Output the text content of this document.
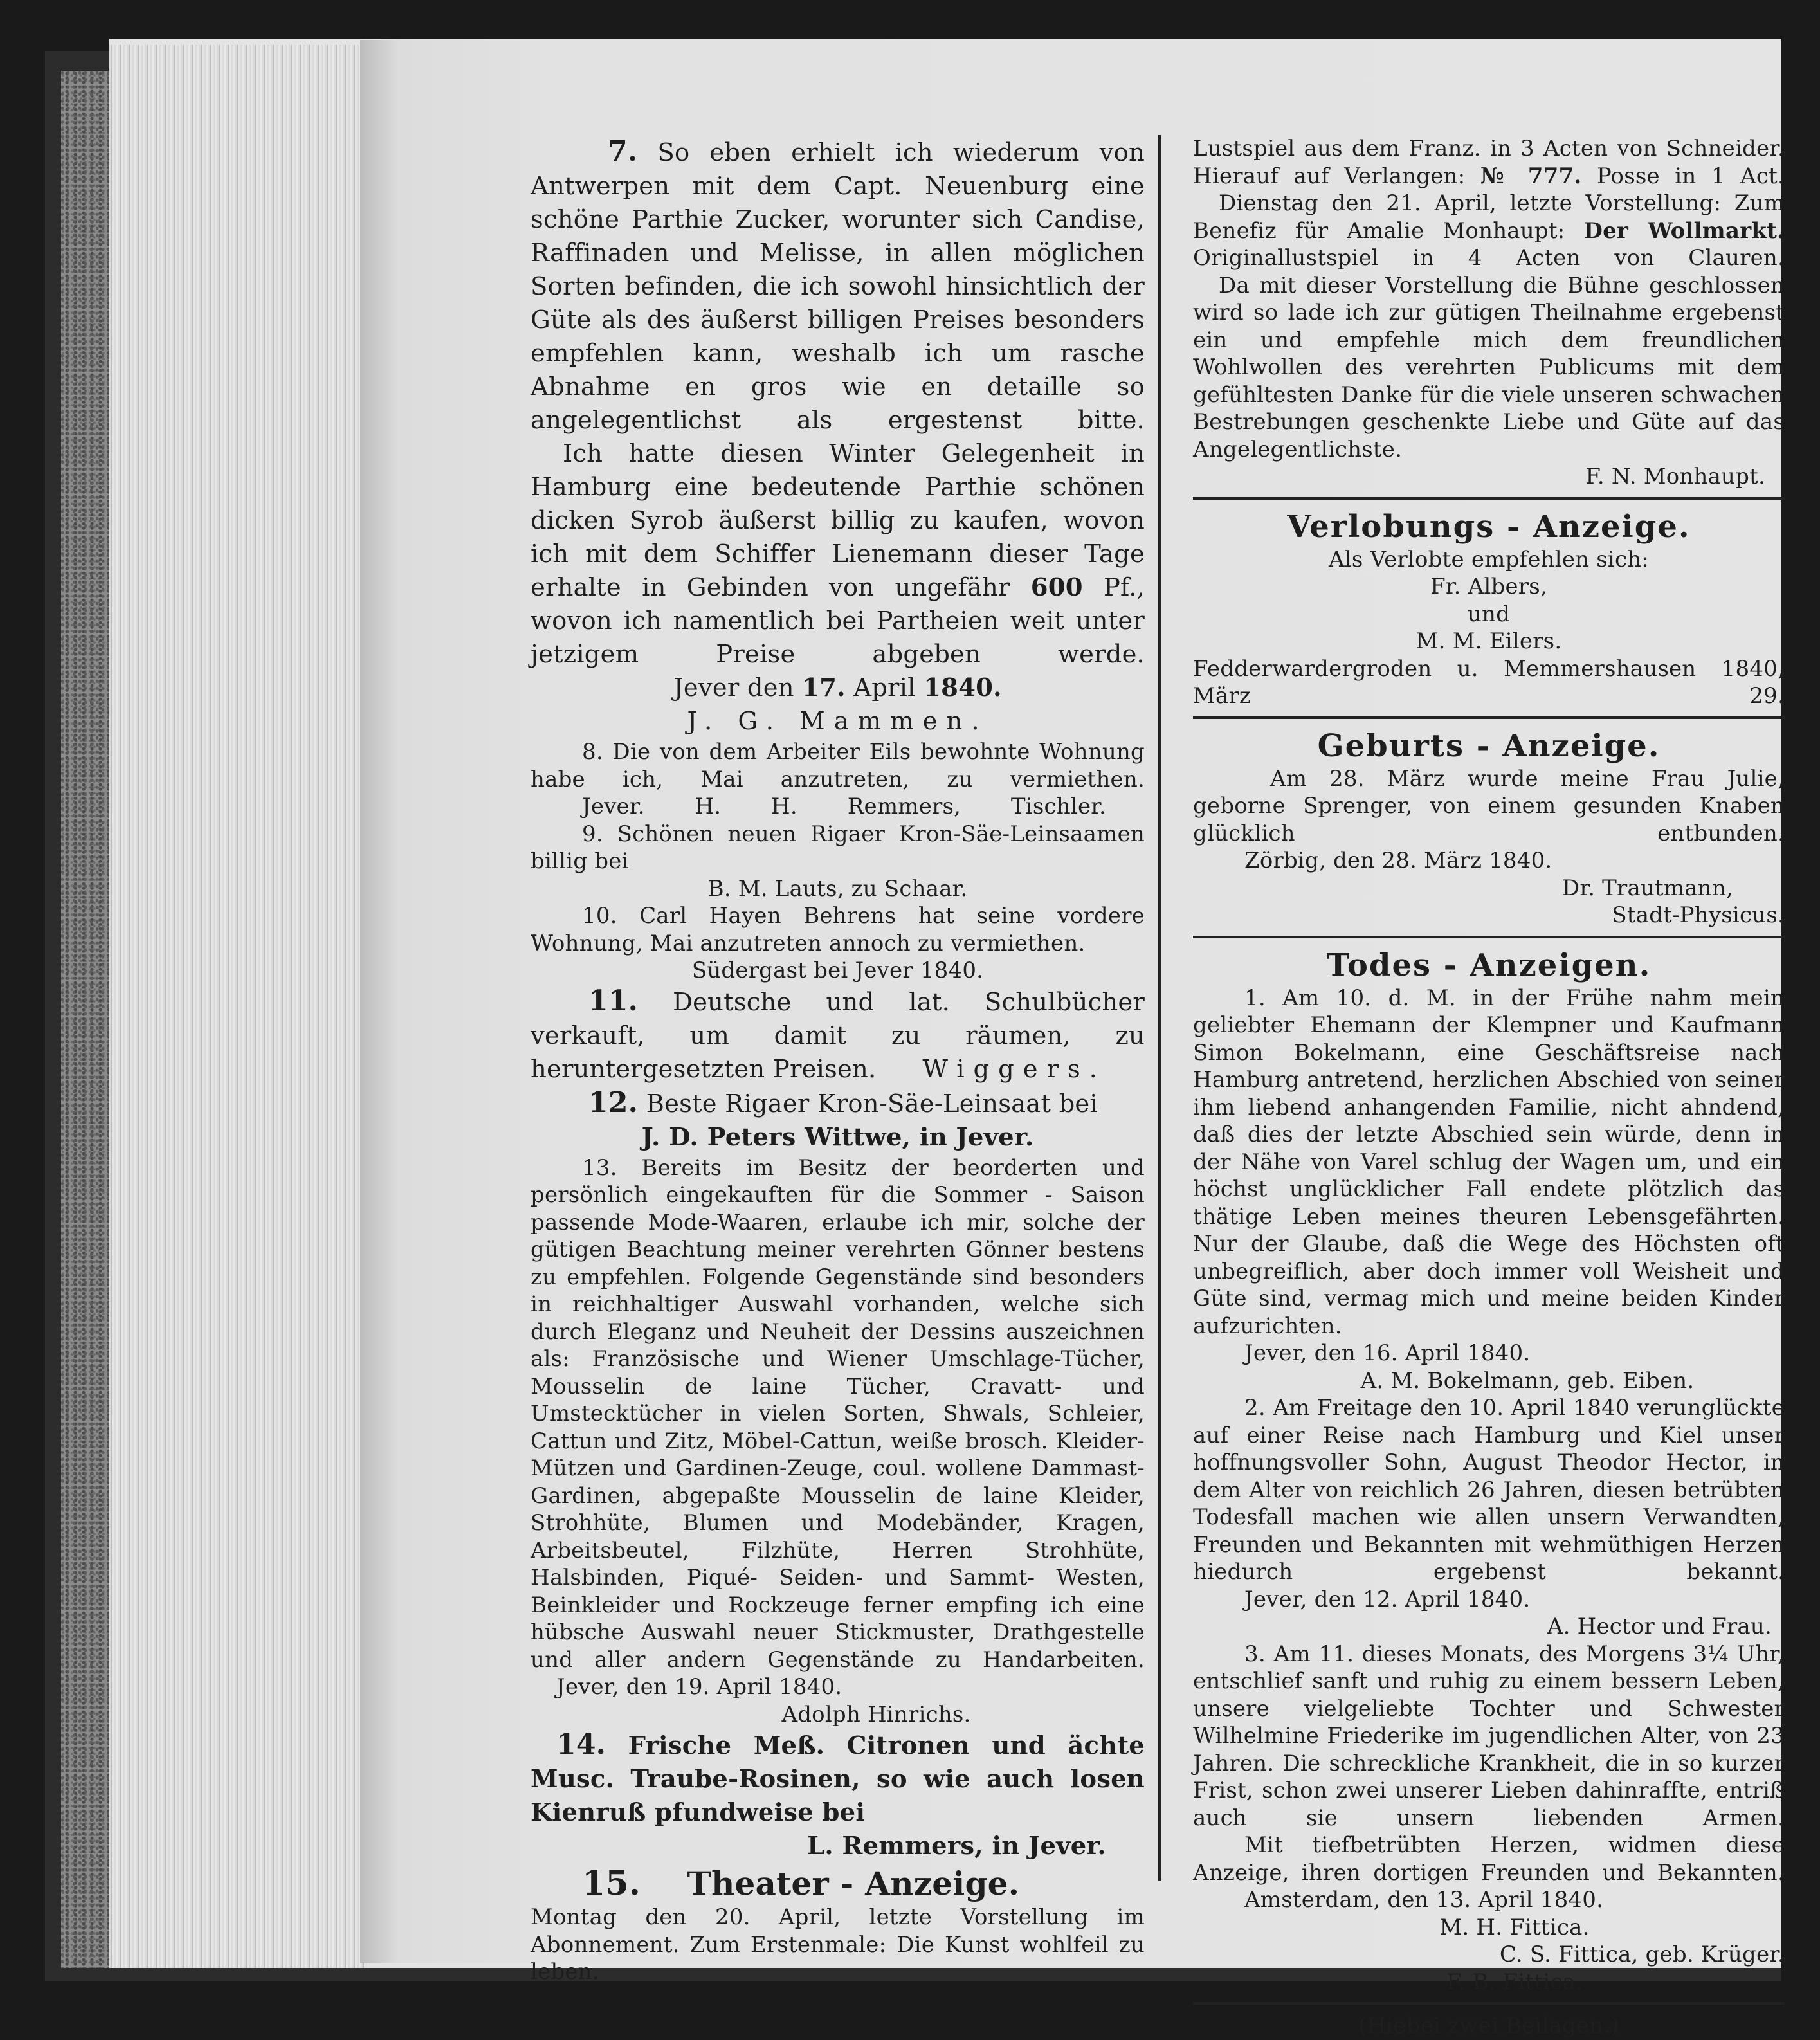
7. So eben erhielt ich wiederum von Antwerpen mit dem Capt. Neuenburg eine schöne Parthie Zucker, worunter sich Candise, Raffinaden und Melisse, in allen möglichen Sorten befinden, die ich sowohl hinsichtlich der Güte als des äußerst billigen Preises besonders empfehlen kann, weshalb ich um rasche Abnahme en gros wie en detaille so angelegentlichst als ergestenst bitte.

Ich hatte diesen Winter Gelegenheit in Hamburg eine bedeutende Parthie schönen dicken Syrob äußerst billig zu kaufen, wovon ich mit dem Schiffer Lienemann dieser Tage erhalte in Gebinden von ungefähr 600 Pf., wovon ich namentlich bei Partheien weit unter jetzigem Preise abgeben werde.

Jever den 17. April 1840.

J. G. Mammen.

8. Die von dem Arbeiter Eils bewohnte Wohnung habe ich, Mai anzutreten, zu vermiethen.

Jever. H. H. Remmers, Tischler.

9. Schönen neuen Rigaer Kron-Säe-Leinsaamen billig bei

B. M. Lauts, zu Schaar.

10. Carl Hayen Behrens hat seine vordere Wohnung, Mai anzutreten annoch zu vermiethen.

Südergast bei Jever 1840.

11. Deutsche und lat. Schulbücher verkauft, um damit zu räumen, zu heruntergesetzten Preisen.	Wiggers.

12. Beste Rigaer Kron-Säe-Leinsaat bei

J. D. Peters Wittwe, in Jever.

13. Bereits im Besitz der beorderten und persönlich eingekauften für die Sommer - Saison passende Mode-Waaren, erlaube ich mir, solche der gütigen Beachtung meiner verehrten Gönner bestens zu empfehlen. Folgende Gegenstände sind besonders in reichhaltiger Auswahl vorhanden, welche sich durch Eleganz und Neuheit der Dessins auszeichnen als: Französische und Wiener Umschlage-Tücher, Mousselin de laine Tücher, Cravatt- und Umstecktücher in vielen Sorten, Shwals, Schleier, Cattun und Zitz, Möbel-Cattun, weiße brosch. Kleider- Mützen und Gardinen-Zeuge, coul. wollene Dammast-Gardinen, abgepaßte Mousselin de laine Kleider, Strohhüte, Blumen und Modebänder, Kragen, Arbeitsbeutel, Filzhüte, Herren Strohhüte, Halsbinden, Piqué- Seiden- und Sammt- Westen, Beinkleider und Rockzeuge ferner empfing ich eine hübsche Auswahl neuer Stickmuster, Drathgestelle und aller andern Gegenstände zu Handarbeiten.

Jever, den 19. April 1840.

Adolph Hinrichs.

14. Frische Meß. Citronen und ächte Musc. Traube-Rosinen, so wie auch losen Kienruß pfundweise bei

L. Remmers, in Jever.

15. Theater - Anzeige.

Montag den 20. April, letzte Vorstellung im Abonnement. Zum Erstenmale: Die Kunst wohlfeil zu leben.

Lustspiel aus dem Franz. in 3 Acten von Schneider. Hierauf auf Verlangen: № 777. Posse in 1 Act.

Dienstag den 21. April, letzte Vorstellung: Zum Benefiz für Amalie Monhaupt: Der Wollmarkt. Originallustspiel in 4 Acten von Clauren.

Da mit dieser Vorstellung die Bühne geschlossen wird so lade ich zur gütigen Theilnahme ergebenst ein und empfehle mich dem freundlichen Wohlwollen des verehrten Publicums mit dem gefühltesten Danke für die viele unseren schwachen Bestrebungen geschenkte Liebe und Güte auf das Angelegentlichste.

F. N. Monhaupt.

Verlobungs - Anzeige.

Als Verlobte empfehlen sich:

Fr. Albers,

und

M. M. Eilers.

Fedderwardergroden u. Memmershausen 1840, März 29.

Geburts - Anzeige.

Am 28. März wurde meine Frau Julie, geborne Sprenger, von einem gesunden Knaben glücklich entbunden.

Zörbig, den 28. März 1840.

Dr. Trautmann,

Stadt-Physicus.

Todes - Anzeigen.

1. Am 10. d. M. in der Frühe nahm mein geliebter Ehemann der Klempner und Kaufmann Simon Bokelmann, eine Geschäftsreise nach Hamburg antretend, herzlichen Abschied von seiner ihm liebend anhangenden Familie, nicht ahndend, daß dies der letzte Abschied sein würde, denn in der Nähe von Varel schlug der Wagen um, und ein höchst unglücklicher Fall endete plötzlich das thätige Leben meines theuren Lebensgefährten. Nur der Glaube, daß die Wege des Höchsten oft unbegreiflich, aber doch immer voll Weisheit und Güte sind, vermag mich und meine beiden Kinder aufzurichten.

Jever, den 16. April 1840.

A. M. Bokelmann, geb. Eiben.

2. Am Freitage den 10. April 1840 verunglückte auf einer Reise nach Hamburg und Kiel unser hoffnungsvoller Sohn, August Theodor Hector, in dem Alter von reichlich 26 Jahren, diesen betrübten Todesfall machen wie allen unsern Verwandten, Freunden und Bekannten mit wehmüthigen Herzen hiedurch ergebenst bekannt.

Jever, den 12. April 1840.

A. Hector und Frau.

3. Am 11. dieses Monats, des Morgens 3¼ Uhr, entschlief sanft und ruhig zu einem bessern Leben, unsere vielgeliebte Tochter und Schwester Wilhelmine Friederike im jugendlichen Alter, von 23 Jahren. Die schreckliche Krankheit, die in so kurzer Frist, schon zwei unserer Lieben dahinraffte, entriß auch sie unsern liebenden Armen.

Mit tiefbetrübten Herzen, widmen diese Anzeige, ihren dortigen Freunden und Bekannten.

Amsterdam, den 13. April 1840.

M. H. Fittica.

C. S. Fittica, geb. Krüger.

F. B. Fittica.

(Hiebei zwei Beilagen.)
